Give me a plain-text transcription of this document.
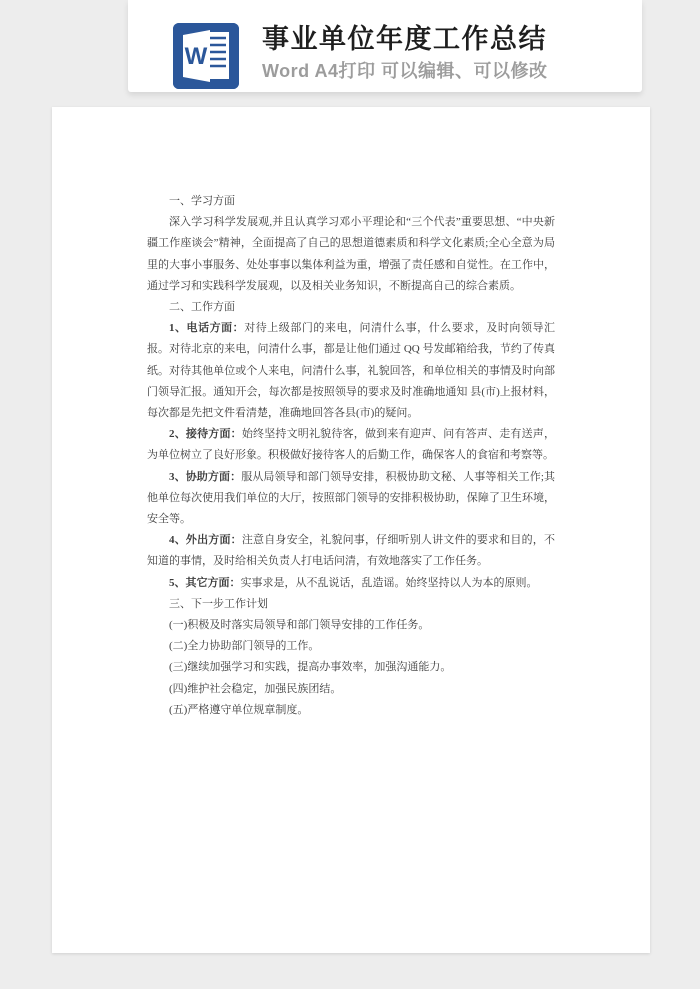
W
事业单位年度工作总结
Word A4打印 可以编辑、可以修改

一、学习方面

深入学习科学发展观,并且认真学习邓小平理论和“三个代表”重要思想、“中央新疆工作座谈会”精神，全面提高了自己的思想道德素质和科学文化素质;全心全意为局里的大事小事服务、处处事事以集体利益为重，增强了责任感和自觉性。在工作中，通过学习和实践科学发展观，以及相关业务知识，不断提高自己的综合素质。

二、工作方面

1、电话方面：对待上级部门的来电，问清什么事，什么要求，及时向领导汇报。对待北京的来电，问清什么事，都是让他们通过 QQ 号发邮箱给我，节约了传真纸。对待其他单位或个人来电，问清什么事，礼貌回答，和单位相关的事情及时向部门领导汇报。通知开会，每次都是按照领导的要求及时准确地通知 县(市)上报材料，每次都是先把文件看清楚，准确地回答各县(市)的疑问。

2、接待方面：始终坚持文明礼貌待客，做到来有迎声、问有答声、走有送声，为单位树立了良好形象。积极做好接待客人的后勤工作，确保客人的食宿和考察等。

3、协助方面：服从局领导和部门领导安排，积极协助文秘、人事等相关工作;其他单位每次使用我们单位的大厅，按照部门领导的安排积极协助，保障了卫生环境，安全等。

4、外出方面：注意自身安全，礼貌问事，仔细听别人讲文件的要求和目的，不知道的事情，及时给相关负责人打电话问清，有效地落实了工作任务。

5、其它方面：实事求是，从不乱说话，乱造谣。始终坚持以人为本的原则。

三、下一步工作计划

(一)积极及时落实局领导和部门领导安排的工作任务。

(二)全力协助部门领导的工作。

(三)继续加强学习和实践，提高办事效率，加强沟通能力。

(四)维护社会稳定，加强民族团结。

(五)严格遵守单位规章制度。
